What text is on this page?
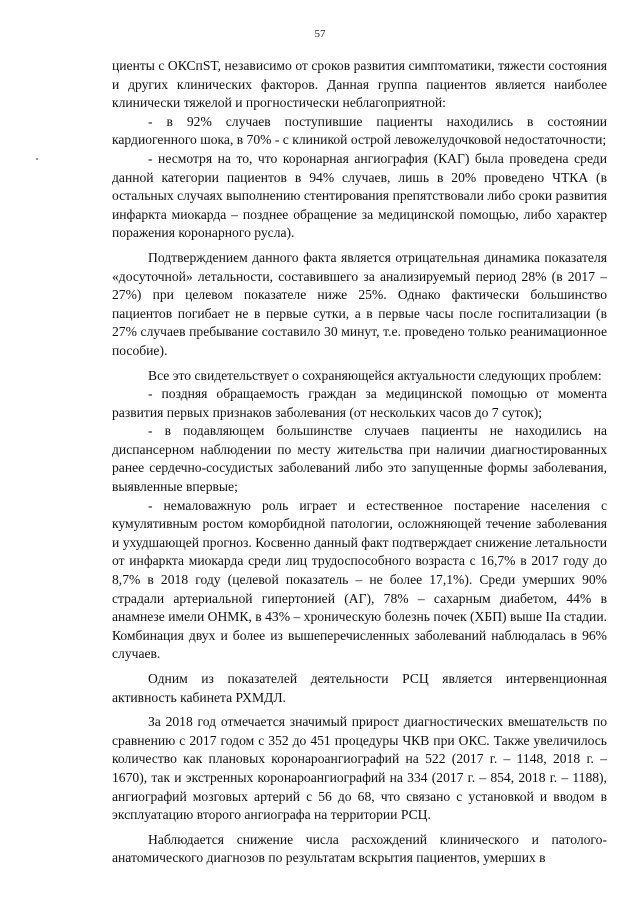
57

циенты с ОКСпST, независимо от сроков развития симптоматики, тяжести состояния и других клинических факторов. Данная группа пациентов является наиболее клинически тяжелой и прогностически неблагоприятной:

- в 92% случаев поступившие пациенты находились в состоянии кардиогенного шока, в 70% - с клиникой острой левожелудочковой недостаточности;

- несмотря на то, что коронарная ангиография (КАГ) была проведена среди данной категории пациентов в 94% случаев, лишь в 20% проведено ЧТКА (в остальных случаях выполнению стентирования препятствовали либо сроки развития инфаркта миокарда – позднее обращение за медицинской помощью, либо характер поражения коронарного русла).

Подтверждением данного факта является отрицательная динамика показателя «досуточной» летальности, составившего за анализируемый период 28% (в 2017 – 27%) при целевом показателе ниже 25%. Однако фактически большинство пациентов погибает не в первые сутки, а в первые часы после госпитализации (в 27% случаев пребывание составило 30 минут, т.е. проведено только реанимационное пособие).

Все это свидетельствует о сохраняющейся актуальности следующих проблем:

- поздняя обращаемость граждан за медицинской помощью от момента развития первых признаков заболевания (от нескольких часов до 7 суток);

- в подавляющем большинстве случаев пациенты не находились на диспансерном наблюдении по месту жительства при наличии диагностированных ранее сердечно-сосудистых заболеваний либо это запущенные формы заболевания, выявленные впервые;

- немаловажную роль играет и естественное постарение населения с кумулятивным ростом коморбидной патологии, осложняющей течение заболевания и ухудшающей прогноз. Косвенно данный факт подтверждает снижение летальности от инфаркта миокарда среди лиц трудоспособного возраста с 16,7% в 2017 году до 8,7% в 2018 году (целевой показатель – не более 17,1%). Среди умерших 90% страдали артериальной гипертонией (АГ), 78% – сахарным диабетом, 44% в анамнезе имели ОНМК, в 43% – хроническую болезнь почек (ХБП) выше IIа стадии. Комбинация двух и более из вышеперечисленных заболеваний наблюдалась в 96% случаев.

Одним из показателей деятельности РСЦ является интервенционная активность кабинета РХМДЛ.

За 2018 год отмечается значимый прирост диагностических вмешательств по сравнению с 2017 годом с 352 до 451 процедуры ЧКВ при ОКС. Также увеличилось количество как плановых коронароангиографий на 522 (2017 г. – 1148, 2018 г. – 1670), так и экстренных коронароангиографий на 334 (2017 г. – 854, 2018 г. – 1188), ангиографий мозговых артерий с 56 до 68, что связано с установкой и вводом в эксплуатацию второго ангиографа на территории РСЦ.

Наблюдается снижение числа расхождений клинического и патолого-анатомического диагнозов по результатам вскрытия пациентов, умерших в
